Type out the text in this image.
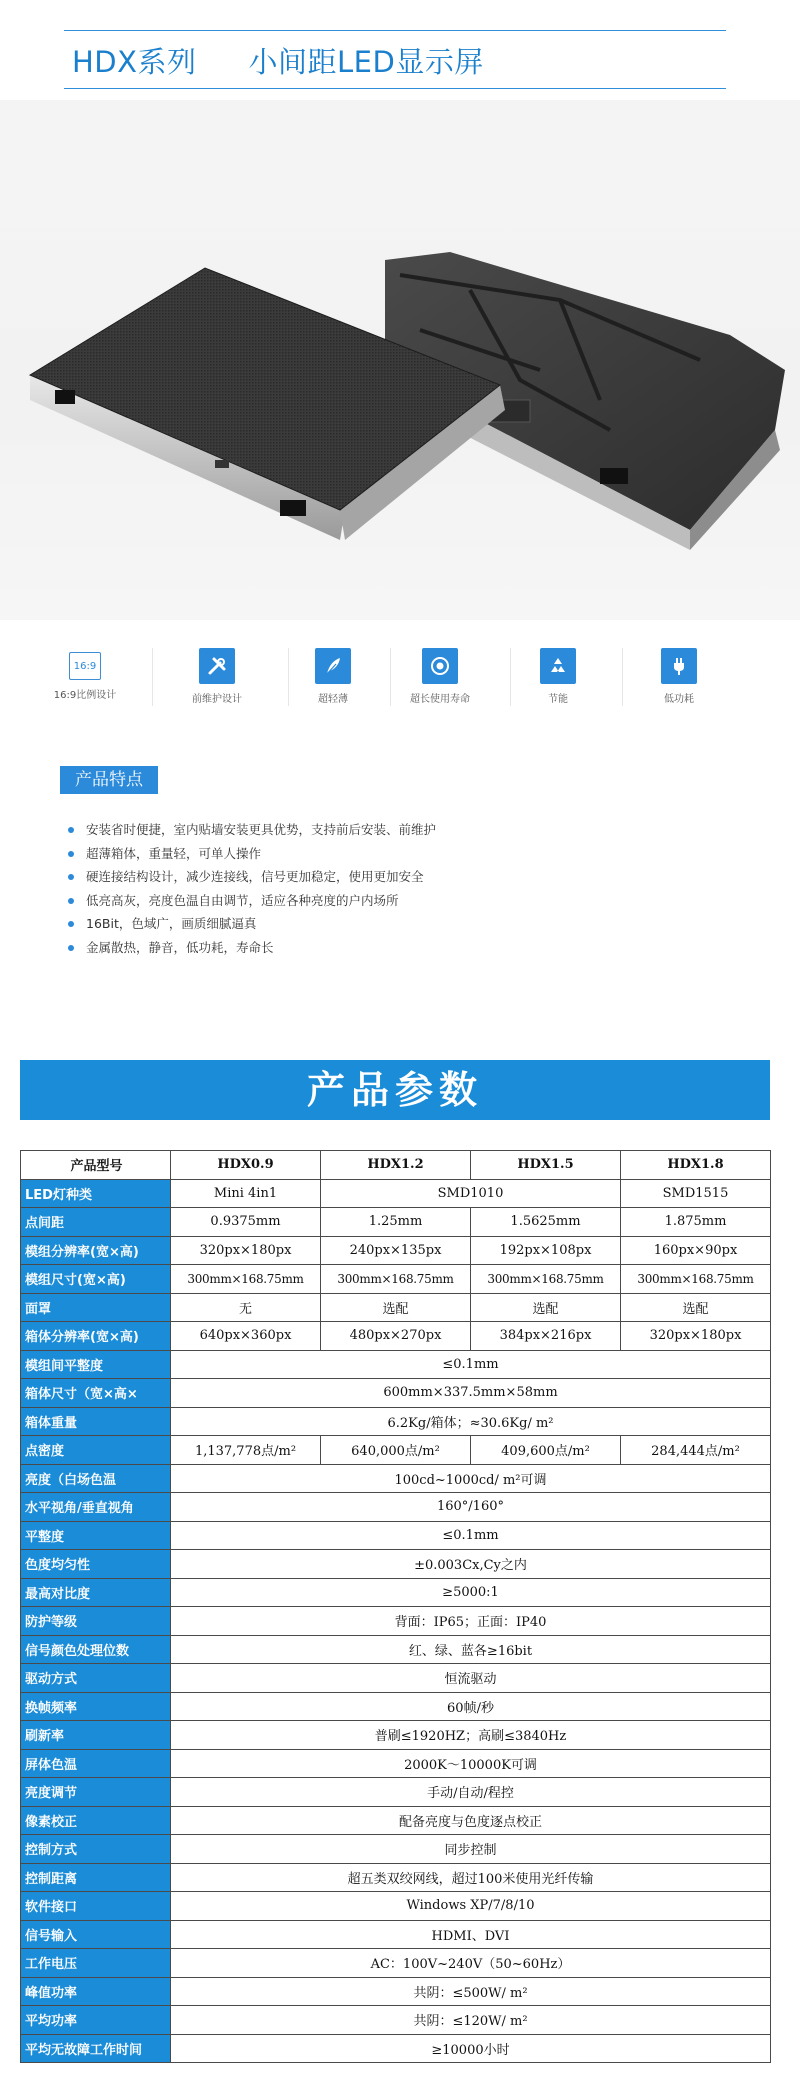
HDX系列 小间距LED显示屏
16:9
16:9比例设计	前维护设计	超轻薄	超长使用寿命	节能	低功耗
产品特点
安装省时便捷，室内贴墙安装更具优势，支持前后安装、前维护
超薄箱体，重量轻，可单人操作
硬连接结构设计，减少连接线，信号更加稳定，使用更加安全
低亮高灰，亮度色温自由调节，适应各种亮度的户内场所
16Bit，色域广，画质细腻逼真
金属散热，静音，低功耗，寿命长
产品参数
产品型号	HDX0.9	HDX1.2	HDX1.5	HDX1.8
LED灯种类	Mini 4in1	SMD1010		SMD1515
点间距	0.9375mm	1.25mm	1.5625mm	1.875mm
模组分辨率(宽×高)	320px×180px	240px×135px	192px×108px	160px×90px
模组尺寸(宽×高)	300mm×168.75mm	300mm×168.75mm	300mm×168.75mm	300mm×168.75mm
面罩	无	选配	选配	选配
箱体分辨率(宽×高)	640px×360px	480px×270px	384px×216px	320px×180px
模组间平整度	≤0.1mm			
箱体尺寸（宽×高×	600mm×337.5mm×58mm			
箱体重量	6.2Kg/箱体；≈30.6Kg/ m²			
点密度	1,137,778点/m²	640,000点/m²	409,600点/m²	284,444点/m²
亮度（白场色温	100cd~1000cd/ m²可调			
水平视角/垂直视角	160°/160°			
平整度	≤0.1mm			
色度均匀性	±0.003Cx,Cy之内			
最高对比度	≥5000:1			
防护等级	背面：IP65；正面：IP40			
信号颜色处理位数	红、绿、蓝各≥16bit			
驱动方式	恒流驱动			
换帧频率	60帧/秒			
刷新率	普刷≤1920HZ；高刷≤3840Hz			
屏体色温	2000K～10000K可调			
亮度调节	手动/自动/程控			
像素校正	配备亮度与色度逐点校正			
控制方式	同步控制			
控制距离	超五类双绞网线，超过100米使用光纤传输			
软件接口	Windows XP/7/8/10			
信号输入	HDMI、DVI			
工作电压	AC：100V~240V（50~60Hz）			
峰值功率	共阴：≤500W/ m²			
平均功率	共阴：≤120W/ m²			
平均无故障工作时间	≥10000小时			
